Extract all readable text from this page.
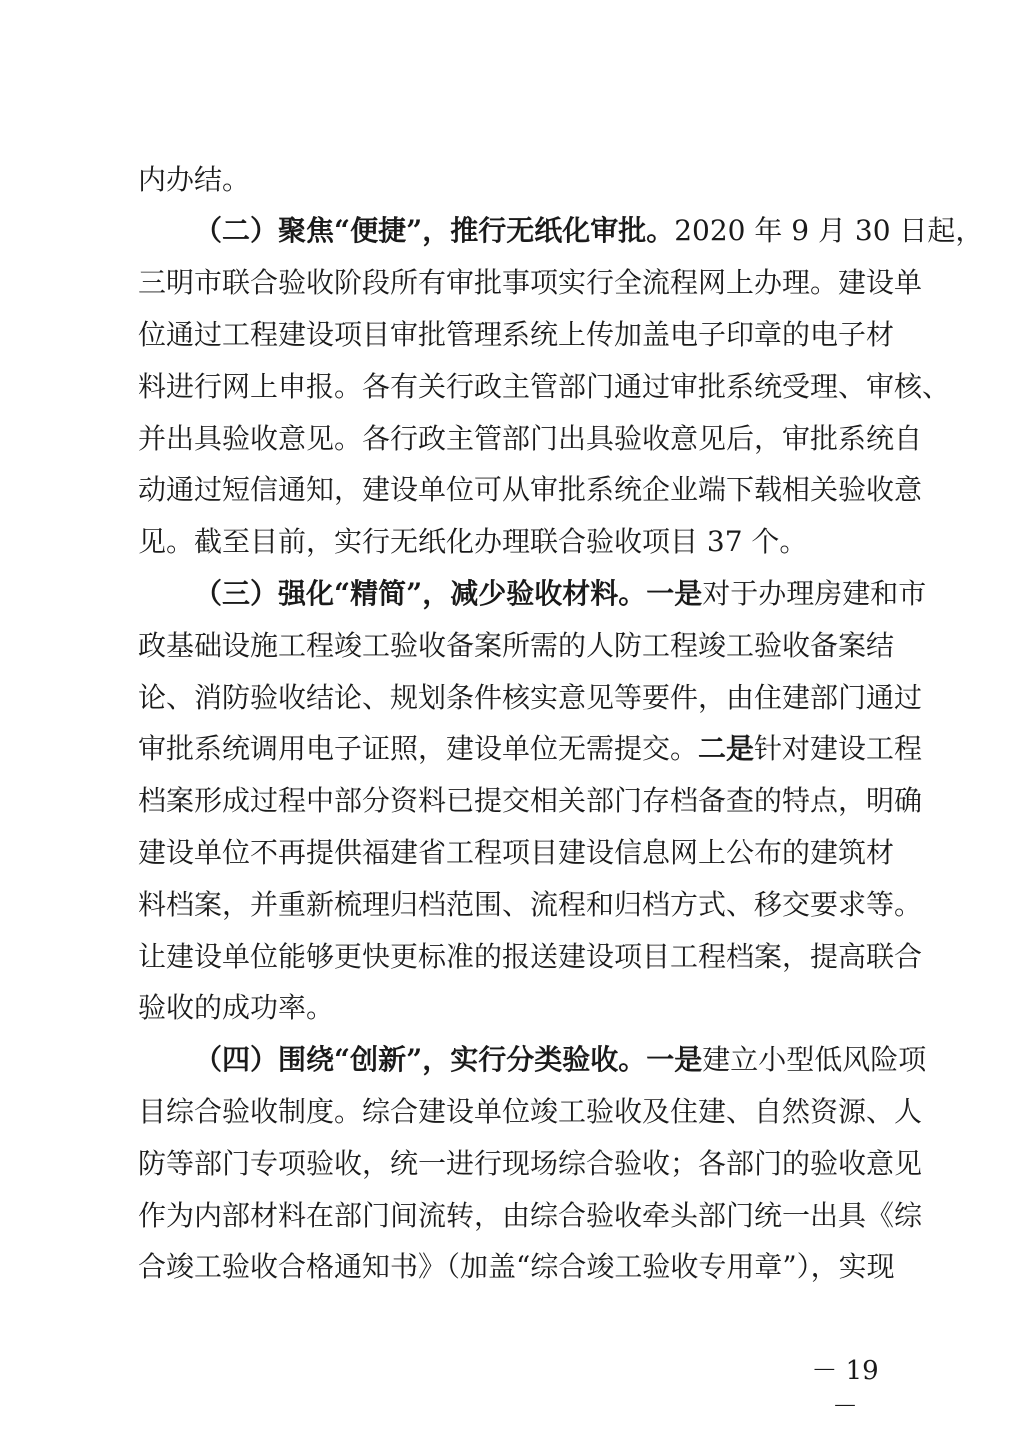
内办结。
（二）聚焦“便捷”，推行无纸化审批。2020 年 9 月 30 日起，
三明市联合验收阶段所有审批事项实行全流程网上办理。建设单
位通过工程建设项目审批管理系统上传加盖电子印章的电子材
料进行网上申报。各有关行政主管部门通过审批系统受理、审核、
并出具验收意见。各行政主管部门出具验收意见后，审批系统自
动通过短信通知，建设单位可从审批系统企业端下载相关验收意
见。截至目前，实行无纸化办理联合验收项目 37 个。
（三）强化“精简”，减少验收材料。一是对于办理房建和市
政基础设施工程竣工验收备案所需的人防工程竣工验收备案结
论、消防验收结论、规划条件核实意见等要件，由住建部门通过
审批系统调用电子证照，建设单位无需提交。二是针对建设工程
档案形成过程中部分资料已提交相关部门存档备查的特点，明确
建设单位不再提供福建省工程项目建设信息网上公布的建筑材
料档案，并重新梳理归档范围、流程和归档方式、移交要求等。
让建设单位能够更快更标准的报送建设项目工程档案，提高联合
验收的成功率。
（四）围绕“创新”，实行分类验收。一是建立小型低风险项
目综合验收制度。综合建设单位竣工验收及住建、自然资源、人
防等部门专项验收，统一进行现场综合验收；各部门的验收意见
作为内部材料在部门间流转，由综合验收牵头部门统一出具《综
合竣工验收合格通知书》（加盖“综合竣工验收专用章”），实现
－ 19 －
